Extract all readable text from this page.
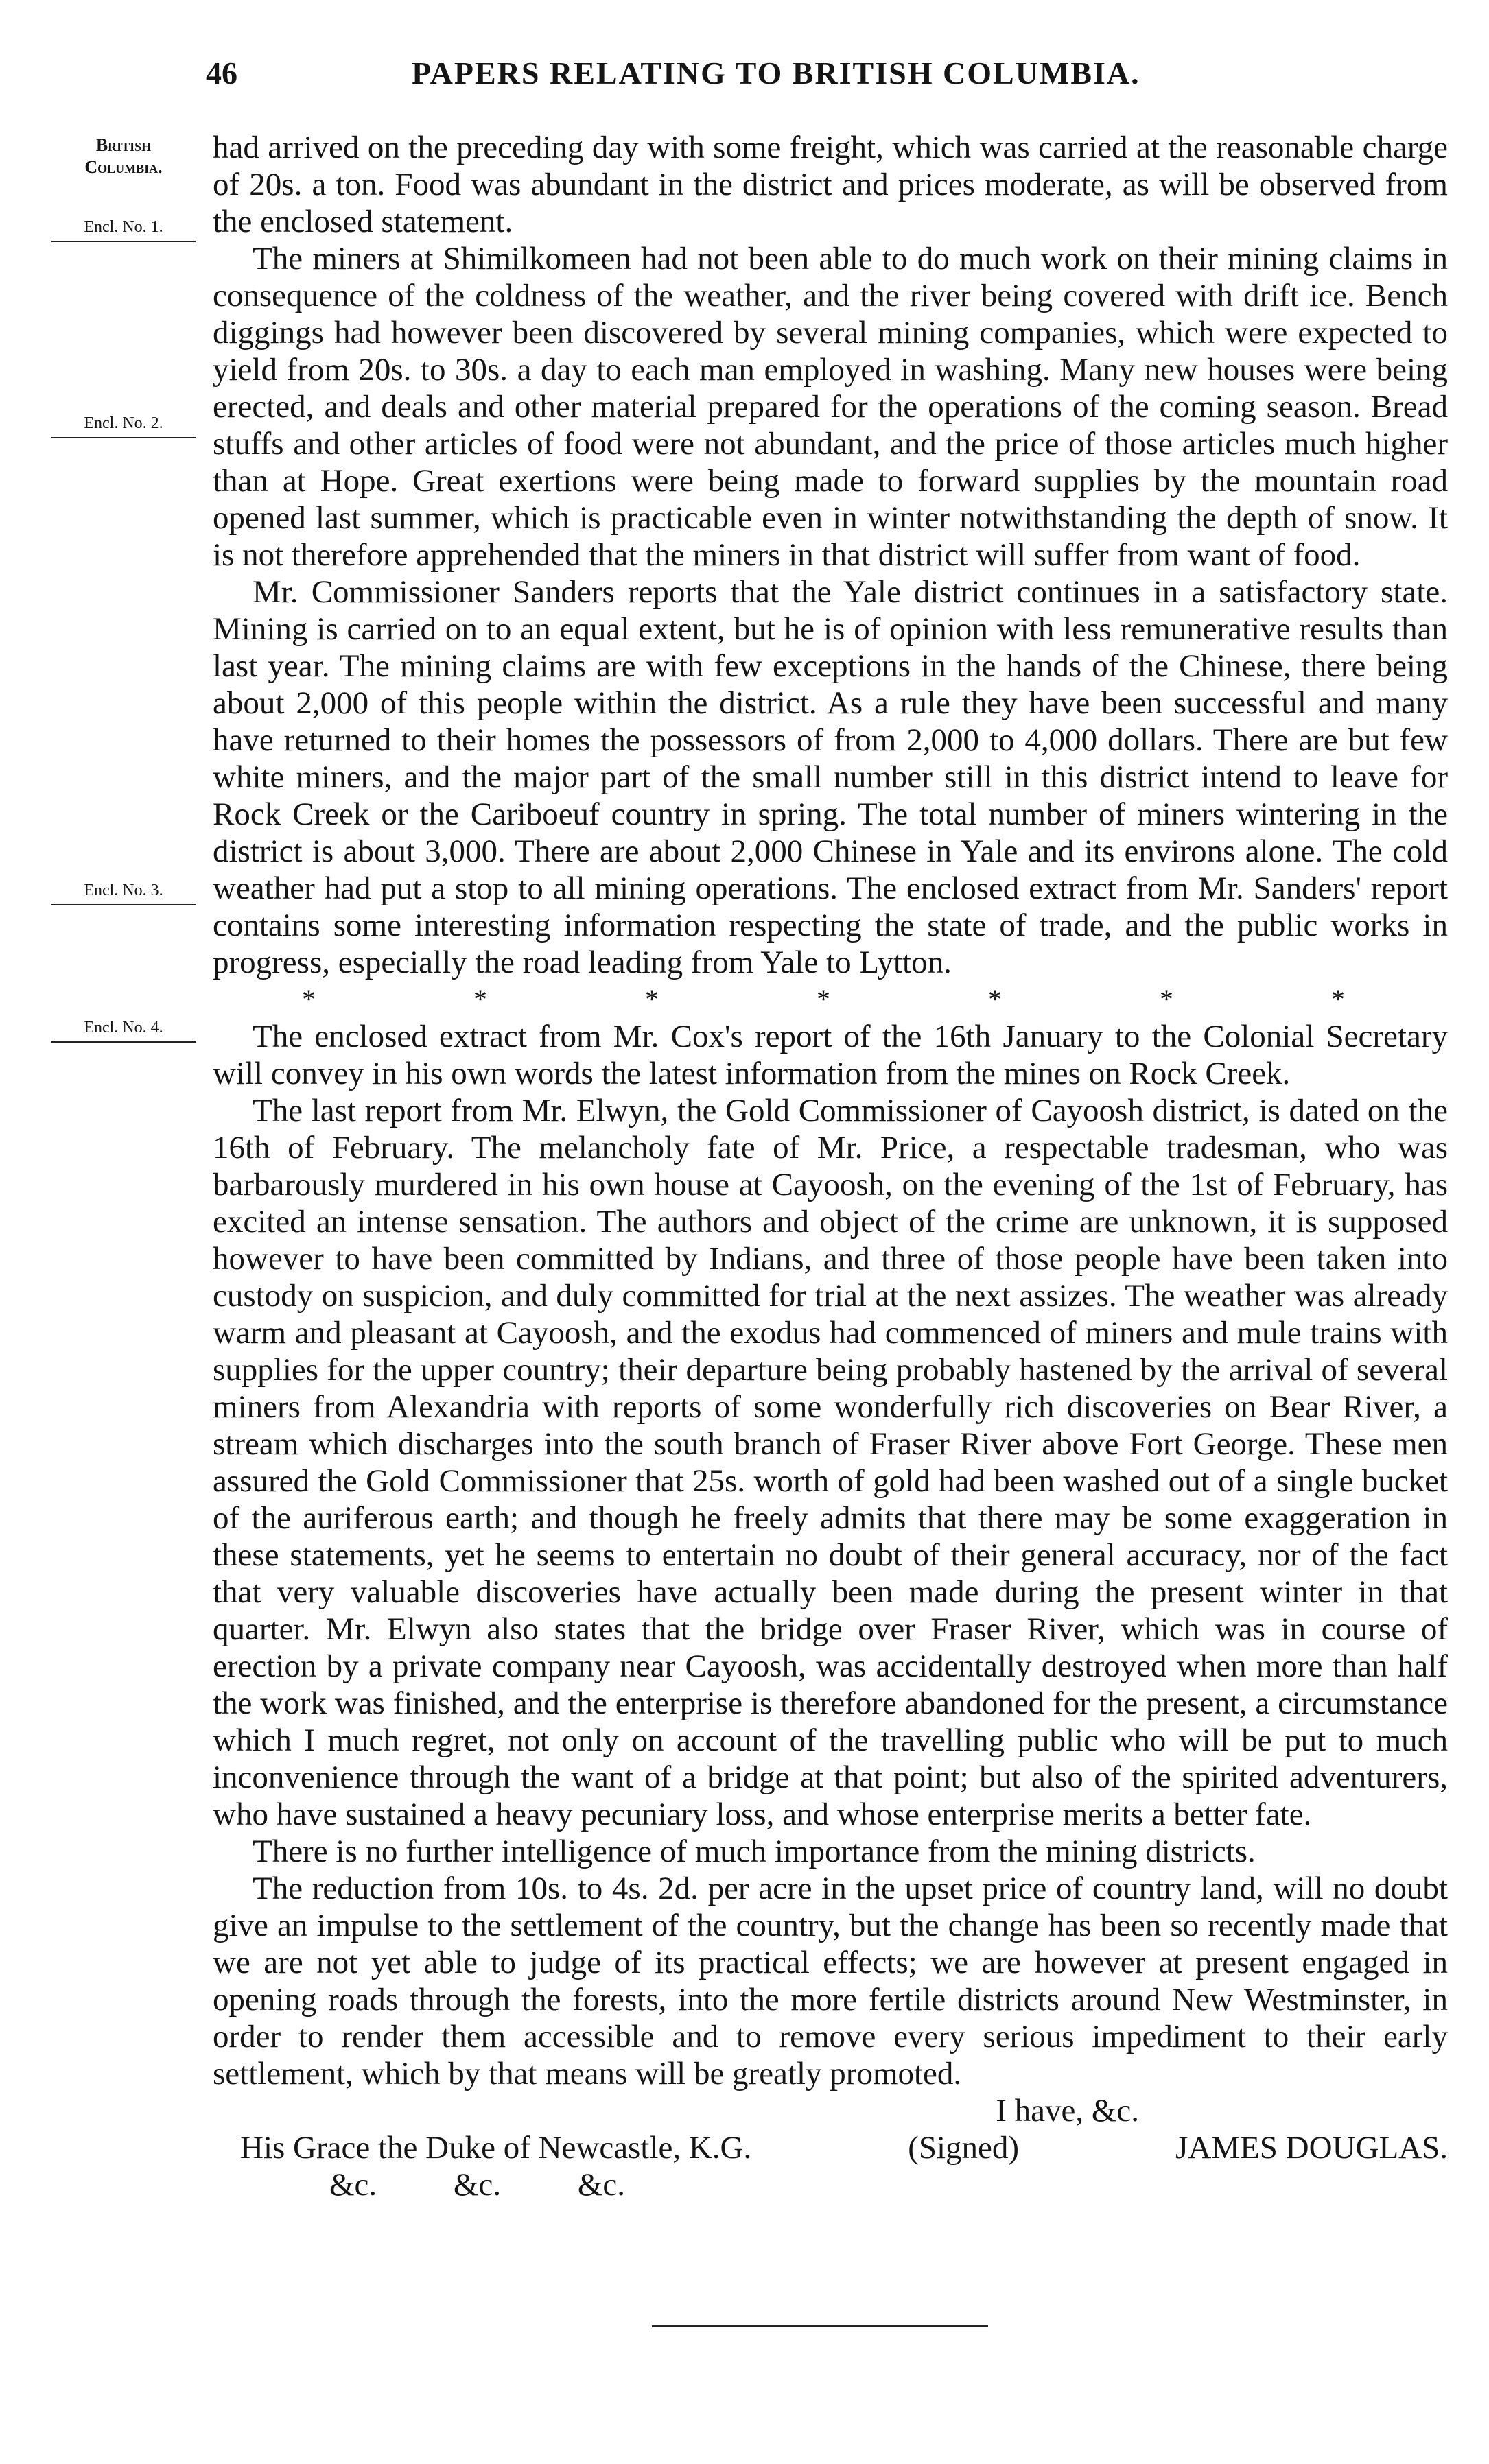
46	PAPERS RELATING TO BRITISH COLUMBIA.
British
Columbia.
Encl. No. 1.
Encl. No. 2.
Encl. No. 3.
Encl. No. 4.

had arrived on the preceding day with some freight, which was carried at the reasonable charge of 20s. a ton. Food was abundant in the district and prices moderate, as will be observed from the enclosed statement.

The miners at Shimilkomeen had not been able to do much work on their mining claims in consequence of the coldness of the weather, and the river being covered with drift ice. Bench diggings had however been discovered by several mining companies, which were expected to yield from 20s. to 30s. a day to each man employed in washing. Many new houses were being erected, and deals and other material prepared for the operations of the coming season. Bread stuffs and other articles of food were not abundant, and the price of those articles much higher than at Hope. Great exertions were being made to forward supplies by the mountain road opened last summer, which is practicable even in winter notwithstanding the depth of snow. It is not therefore apprehended that the miners in that district will suffer from want of food.

Mr. Commissioner Sanders reports that the Yale district continues in a satisfactory state. Mining is carried on to an equal extent, but he is of opinion with less remunerative results than last year. The mining claims are with few exceptions in the hands of the Chinese, there being about 2,000 of this people within the district. As a rule they have been successful and many have returned to their homes the possessors of from 2,000 to 4,000 dollars. There are but few white miners, and the major part of the small number still in this district intend to leave for Rock Creek or the Cariboeuf country in spring. The total number of miners wintering in the district is about 3,000. There are about 2,000 Chinese in Yale and its environs alone. The cold weather had put a stop to all mining operations. The enclosed extract from Mr. Sanders' report contains some interesting information respecting the state of trade, and the public works in progress, especially the road leading from Yale to Lytton.

*	*	*	*	*	*	*

The enclosed extract from Mr. Cox's report of the 16th January to the Colonial Secretary will convey in his own words the latest information from the mines on Rock Creek.

The last report from Mr. Elwyn, the Gold Commissioner of Cayoosh district, is dated on the 16th of February. The melancholy fate of Mr. Price, a respectable tradesman, who was barbarously murdered in his own house at Cayoosh, on the evening of the 1st of February, has excited an intense sensation. The authors and object of the crime are unknown, it is supposed however to have been committed by Indians, and three of those people have been taken into custody on suspicion, and duly committed for trial at the next assizes. The weather was already warm and pleasant at Cayoosh, and the exodus had commenced of miners and mule trains with supplies for the upper country; their departure being probably hastened by the arrival of several miners from Alexandria with reports of some wonderfully rich discoveries on Bear River, a stream which discharges into the south branch of Fraser River above Fort George. These men assured the Gold Commissioner that 25s. worth of gold had been washed out of a single bucket of the auriferous earth; and though he freely admits that there may be some exaggeration in these statements, yet he seems to entertain no doubt of their general accuracy, nor of the fact that very valuable discoveries have actually been made during the present winter in that quarter. Mr. Elwyn also states that the bridge over Fraser River, which was in course of erection by a private company near Cayoosh, was accidentally destroyed when more than half the work was finished, and the enterprise is therefore abandoned for the present, a circumstance which I much regret, not only on account of the travelling public who will be put to much inconvenience through the want of a bridge at that point; but also of the spirited adventurers, who have sustained a heavy pecuniary loss, and whose enterprise merits a better fate.

There is no further intelligence of much importance from the mining districts.

The reduction from 10s. to 4s. 2d. per acre in the upset price of country land, will no doubt give an impulse to the settlement of the country, but the change has been so recently made that we are not yet able to judge of its practical effects; we are however at present engaged in opening roads through the forests, into the more fertile districts around New Westminster, in order to render them accessible and to remove every serious impediment to their early settlement, which by that means will be greatly promoted.

I have, &c.
His Grace the Duke of Newcastle, K.G.	(Signed)	JAMES DOUGLAS.
&c. &c. &c.
